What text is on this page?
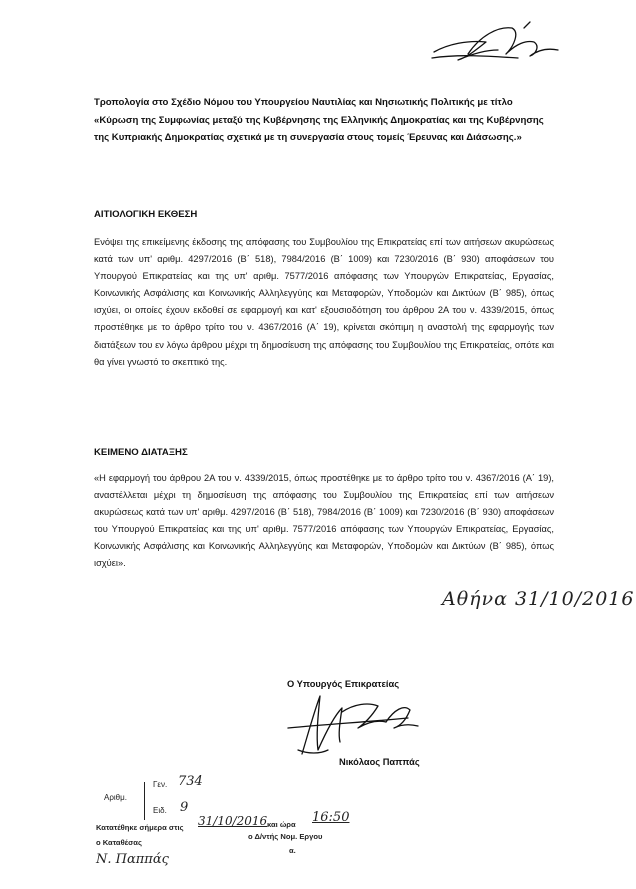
Τροπολογία στο Σχέδιο Νόμου του Υπουργείου Ναυτιλίας και Νησιωτικής Πολιτικής με τίτλο «Κύρωση της Συμφωνίας μεταξύ της Κυβέρνησης της Ελληνικής Δημοκρατίας και της Κυβέρνησης της Κυπριακής Δημοκρατίας σχετικά με τη συνεργασία στους τομείς Έρευνας και Διάσωσης.»
ΑΙΤΙΟΛΟΓΙΚΗ ΕΚΘΕΣΗ
Ενόψει της επικείμενης έκδοσης της απόφασης του Συμβουλίου της Επικρατείας επί των αιτήσεων ακυρώσεως κατά των υπ' αριθμ. 4297/2016 (Β΄ 518), 7984/2016 (Β΄ 1009) και 7230/2016 (Β΄ 930) αποφάσεων του Υπουργού Επικρατείας και της υπ' αριθμ. 7577/2016 απόφασης των Υπουργών Επικρατείας, Εργασίας, Κοινωνικής Ασφάλισης και Κοινωνικής Αλληλεγγύης και Μεταφορών, Υποδομών και Δικτύων (Β΄ 985), όπως ισχύει, οι οποίες έχουν εκδοθεί σε εφαρμογή και κατ' εξουσιοδότηση του άρθρου 2Α του ν. 4339/2015, όπως προστέθηκε με το άρθρο τρίτο του ν. 4367/2016 (Α΄ 19), κρίνεται σκόπιμη η αναστολή της εφαρμογής των διατάξεων του εν λόγω άρθρου μέχρι τη δημοσίευση της απόφασης του Συμβουλίου της Επικρατείας, οπότε και θα γίνει γνωστό το σκεπτικό της.
ΚΕΙΜΕΝΟ ΔΙΑΤΑΞΗΣ
«Η εφαρμογή του άρθρου 2Α του ν. 4339/2015, όπως προστέθηκε με το άρθρο τρίτο του ν. 4367/2016 (Α΄ 19), αναστέλλεται μέχρι τη δημοσίευση της απόφασης του Συμβουλίου της Επικρατείας επί των αιτήσεων ακυρώσεως κατά των υπ' αριθμ. 4297/2016 (Β΄ 518), 7984/2016 (Β΄ 1009) και 7230/2016 (Β΄ 930) αποφάσεων του Υπουργού Επικρατείας και της υπ' αριθμ. 7577/2016 απόφασης των Υπουργών Επικρατείας, Εργασίας, Κοινωνικής Ασφάλισης και Κοινωνικής Αλληλεγγύης και Μεταφορών, Υποδομών και Δικτύων (Β΄ 985), όπως ισχύει».
Αθήνα 31/10/2016
Ο Υπουργός Επικρατείας
Νικόλαος Παππάς
Αριθμ.
Γεν. 734
Ειδ. 9
Κατατέθηκε σήμερα στις 31/10/2016 και ώρα 16:50
ο Καταθέσας
ο Δ/ντής Νομ. Εργου
α.
Ν. Παππάς
